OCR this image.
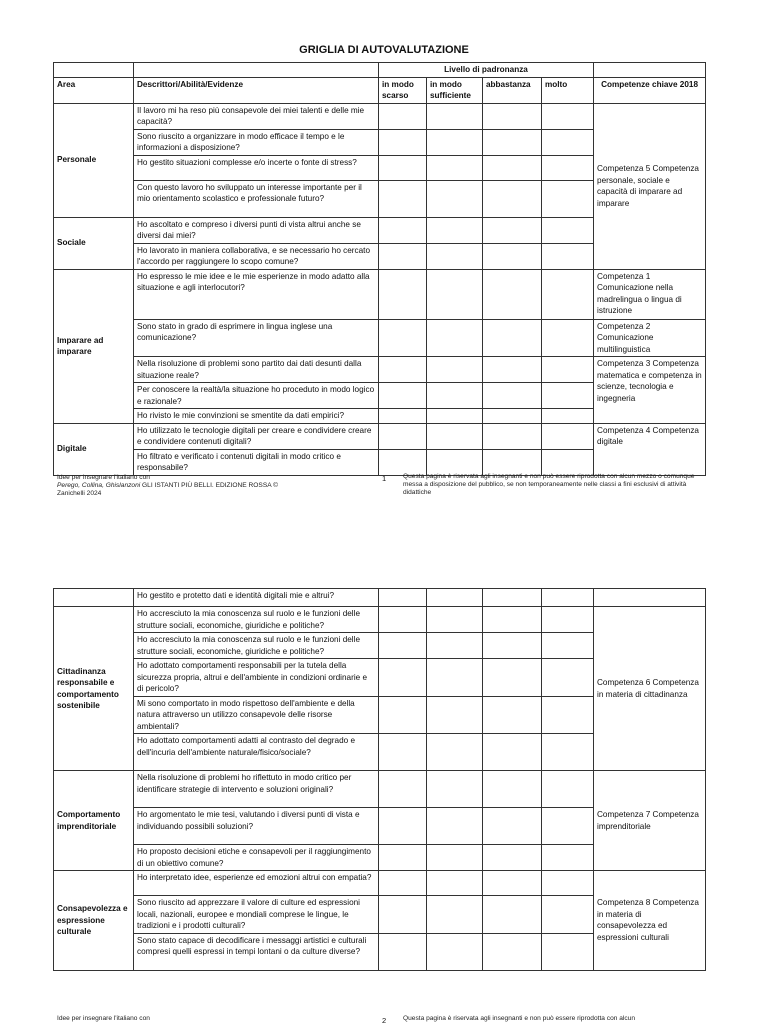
GRIGLIA DI AUTOVALUTAZIONE
		Livello di padronanza				
Area	Descrittori/Abilità/Evidenze	in modo scarso	in modo sufficiente	abbastanza	molto	Competenze chiave 2018
Personale	Il lavoro mi ha reso più consapevole dei miei talenti e delle mie capacità?					Competenza 5 Competenza personale, sociale e capacità di imparare ad imparare
	Sono riuscito a organizzare in modo efficace il tempo e le informazioni a disposizione?					
	Ho gestito situazioni complesse e/o incerte o fonte di stress?					
	Con questo lavoro ho sviluppato un interesse importante per il mio orientamento scolastico e professionale futuro?					
Sociale	Ho ascoltato e compreso i diversi punti di vista altrui anche se diversi dai miei?					
	Ho lavorato in maniera collaborativa, e se necessario ho cercato l'accordo per raggiungere lo scopo comune?					
Imparare ad imparare	Ho espresso le mie idee e le mie esperienze in modo adatto alla situazione e agli interlocutori?					Competenza 1 Comunicazione nella madrelingua o lingua di istruzione
	Sono stato in grado di esprimere in lingua inglese una comunicazione?					Competenza 2 Comunicazione multilinguistica
	Nella risoluzione di problemi sono partito dai dati desunti dalla situazione reale?					Competenza 3 Competenza matematica e competenza in scienze, tecnologia e ingegneria
	Per conoscere la realtà/la situazione ho proceduto in modo logico e razionale?					
	Ho rivisto le mie convinzioni se smentite da dati empirici?					
Digitale	Ho utilizzato le tecnologie digitali per creare e condividere creare e condividere contenuti digitali?					Competenza 4 Competenza digitale
	Ho filtrato e verificato i contenuti digitali in modo critico e responsabile?					
Idee per insegnare l'italiano con
Perego, Collina, Ghislanzoni GLI ISTANTI PIÙ BELLI. EDIZIONE ROSSA ©
Zanichelli 2024
1	Questa pagina è riservata agli insegnanti e non può essere riprodotta con alcun mezzo o comunque messa a disposizione del pubblico, se non temporaneamente nelle classi a fini esclusivi di attività didattiche
	Ho gestito e protetto dati e identità digitali mie e altrui?					
Cittadinanza responsabile e comportamento sostenibile	Ho accresciuto la mia conoscenza sul ruolo e le funzioni delle strutture sociali, economiche, giuridiche e politiche?					Competenza 6 Competenza in materia di cittadinanza
	Ho accresciuto la mia conoscenza sul ruolo e le funzioni delle strutture sociali, economiche, giuridiche e politiche?					
	Ho adottato comportamenti responsabili per la tutela della sicurezza propria, altrui e dell'ambiente in condizioni ordinarie e di pericolo?					
	Mi sono comportato in modo rispettoso dell'ambiente e della natura attraverso un utilizzo consapevole delle risorse ambientali?					
	Ho adottato comportamenti adatti al contrasto del degrado e dell'incuria dell'ambiente naturale/fisico/sociale?					
Comportamento imprenditoriale	Nella risoluzione di problemi ho riflettuto in modo critico per identificare strategie di intervento e soluzioni originali?					Competenza 7 Competenza imprenditoriale
	Ho argomentato le mie tesi, valutando i diversi punti di vista e individuando possibili soluzioni?					
	Ho proposto decisioni etiche e consapevoli per il raggiungimento di un obiettivo comune?					
Consapevolezza e espressione culturale	Ho interpretato idee, esperienze ed emozioni altrui con empatia?					Competenza 8 Competenza in materia di consapevolezza ed espressioni culturali
	Sono riuscito ad apprezzare il valore di culture ed espressioni locali, nazionali, europee e mondiali comprese le lingue, le tradizioni e i prodotti culturali?					
	Sono stato capace di decodificare i messaggi artistici e culturali compresi quelli espressi in tempi lontani o da culture diverse?					
Idee per insegnare l'italiano con	2	Questa pagina è riservata agli insegnanti e non può essere riprodotta con alcun
